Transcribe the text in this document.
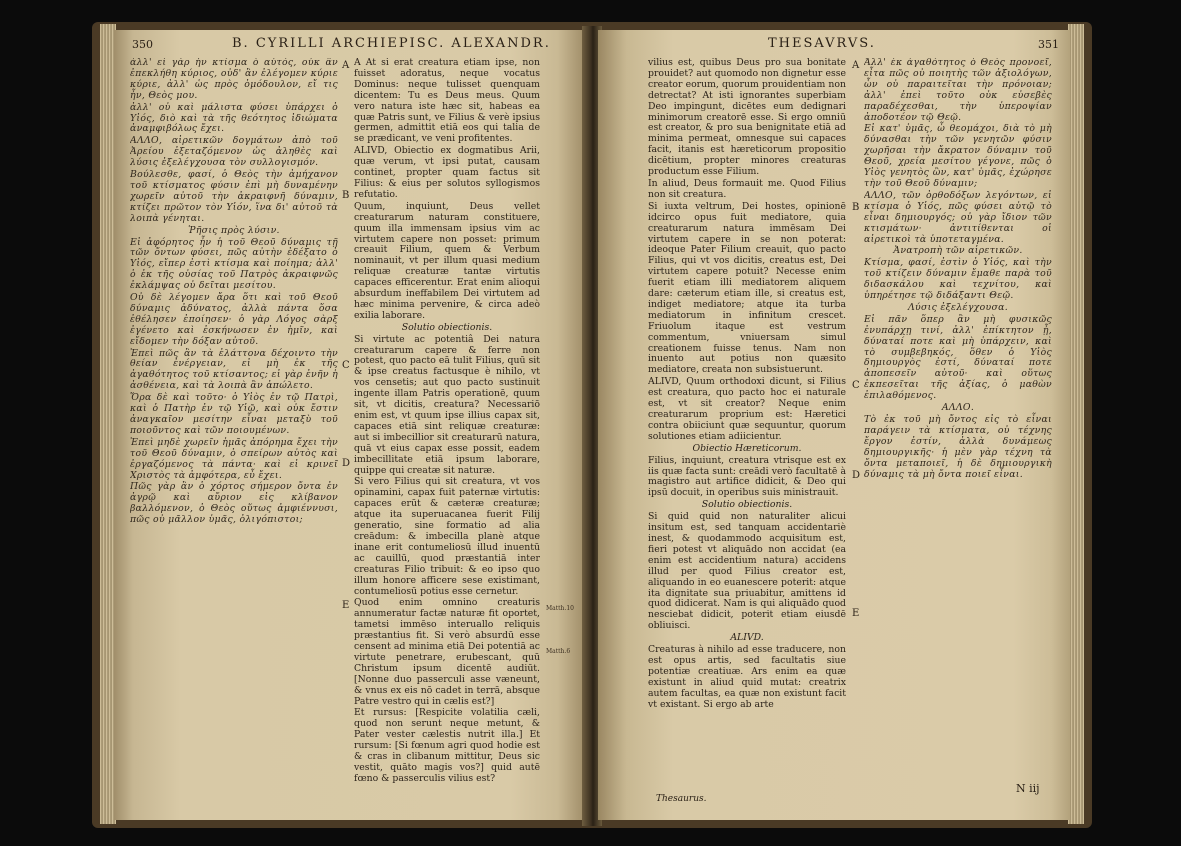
350	B. CYRILLI ARCHIEPISC. ALEXANDR.

ἀλλ' εἰ γὰρ ἦν κτίσμα ὁ αὐτός, οὐκ ἂν ἐπεκλήθη κύριος, οὐδ' ἂν ἐλέγομεν κύριε κύριε, ἀλλ' ὡς πρὸς ὁμόδουλον, εἴ τις ἦν, Θεὸς μου.

ἀλλ' οὐ καὶ μάλιστα φύσει ὑπάρχει ὁ Υἱός, διὸ καὶ τὰ τῆς θεότητος ἰδιώματα ἀναμφιβόλως ἔχει.

ΑΛΛΟ, αἱρετικῶν δογμάτων ἀπὸ τοῦ Ἀρείου ἐξεταζόμενον ὡς ἀληθὲς καὶ λύσις ἐξελέγχουσα τὸν συλλογισμόν.

Βούλεσθε, φασί, ὁ Θεὸς τὴν ἀμήχανον τοῦ κτίσματος φύσιν ἐπὶ μὴ δυναμένην χωρεῖν αὐτοῦ τὴν ἀκραιφνῆ δύναμιν, κτίζει πρῶτον τὸν Υἱόν, ἵνα δι' αὐτοῦ τὰ λοιπὰ γένηται.

Ῥῆσις πρὸς λύσιν.

Εἰ ἀφόρητος ἦν ἡ τοῦ Θεοῦ δύναμις τῇ τῶν ὄντων φύσει, πῶς αὐτὴν ἐδέξατο ὁ Υἱός, εἴπερ ἐστὶ κτίσμα καὶ ποίημα; ἀλλ' ὁ ἐκ τῆς οὐσίας τοῦ Πατρὸς ἀκραιφνῶς ἐκλάμψας οὐ δεῖται μεσίτου.

Οὐ δὲ λέγομεν ἄρα ὅτι καὶ τοῦ Θεοῦ δύναμις ἀδύνατος, ἀλλὰ πάντα ὅσα ἐθέλησεν ἐποίησεν· ὁ γὰρ Λόγος σὰρξ ἐγένετο καὶ ἐσκήνωσεν ἐν ἡμῖν, καὶ εἴδομεν τὴν δόξαν αὐτοῦ.

Ἐπεὶ πῶς ἂν τὰ ἐλάττονα δέχοιντο τὴν θείαν ἐνέργειαν, εἰ μὴ ἐκ τῆς ἀγαθότητος τοῦ κτίσαντος; εἰ γὰρ ἐνῆν ἡ ἀσθένεια, καὶ τὰ λοιπὰ ἂν ἀπώλετο.

Ὅρα δὲ καὶ τοῦτο· ὁ Υἱὸς ἐν τῷ Πατρὶ, καὶ ὁ Πατὴρ ἐν τῷ Υἱῷ, καὶ οὐκ ἔστιν ἀναγκαῖον μεσίτην εἶναι μεταξὺ τοῦ ποιοῦντος καὶ τῶν ποιουμένων.

Ἐπεὶ μηδὲ χωρεῖν ἡμᾶς ἀπόρημα ἔχει τὴν τοῦ Θεοῦ δύναμιν, ὁ σπείρων αὐτὸς καὶ ἐργαζόμενος τὰ πάντα· καὶ εἰ κρινεῖ Χριστὸς τὰ ἀμφότερα, εὖ ἔχει.

Πῶς γὰρ ἂν ὁ χόρτος σήμερον ὄντα ἐν ἀγρῷ καὶ αὔριον εἰς κλίβανον βαλλόμενον, ὁ Θεὸς οὕτως ἀμφιέννυσι, πῶς οὐ μᾶλλον ὑμᾶς, ὀλιγόπιστοι;

A
B
C
D
E

A At si erat creatura etiam ipse, non fuisset adoratus, neque vocatus Dominus: neque tulisset quenquam dicentem: Tu es Deus meus. Quum vero natura iste hæc sit, habeas ea quæ Patris sunt, ve Filius & verè ipsius germen, admittit etiā eos qui talia de se prædicant, ve veni profitentes.

ALIVD, Obiectio ex dogmatibus Arii, quæ verum, vt ipsi putat, causam continet, propter quam factus sit Filius: & eius per solutos syllogismos refutatio.

Quum, inquiunt, Deus vellet creaturarum naturam constituere, quum illa immensam ipsius vim ac virtutem capere non posset: primum creauit Filium, quem & Verbum nominauit, vt per illum quasi medium reliquæ creaturæ tantæ virtutis capaces efficerentur. Erat enim alioqui absurdum ineffabilem Dei virtutem ad hæc minima pervenire, & circa adeò exilia laborare.

Solutio obiectionis.

Si virtute ac potentiâ Dei natura creaturarum capere & ferre non potest, quo pacto eā tulit Filius, quū sit & ipse creatus factusque è nihilo, vt vos censetis; aut quo pacto sustinuit ingente illam Patris operationē, quum sit, vt dicitis, creatura? Necessariō enim est, vt quum ipse illius capax sit, capaces etiā sint reliquæ creaturæ: aut si imbecillior sit creaturarū natura, quā vt eius capax esse possit, eadem imbecillitate etiā ipsum laborare, quippe qui creatæ sit naturæ.

Si vero Filius qui sit creatura, vt vos opinamini, capax fuit paternæ virtutis: capaces erūt & cæteræ creaturæ; atque ita superuacanea fuerit Filij generatio, sine formatio ad alia creādum: & imbecilla planè atque inane erit contumeliosū illud inuentū ac cauillū, quod præstantiā inter creaturas Filio tribuit: & eo ipso quo illum honore afficere sese existimant, contumeliosū potius esse cernetur.

Quod enim omnino creaturis annumeratur factæ naturæ fit oportet, tametsi immēso interuallo reliquis præstantius fit. Si verò absurdū esse censent ad minima etiā Dei potentiā ac virtute penetrare, erubescant, quū Christum ipsum dicentē audiūt. [Nonne duo passerculi asse væneunt, & vnus ex eis nō cadet in terrā, absque Patre vestro qui in cælis est?]

Et rursus: [Respicite volatilia cæli, quod non serunt neque metunt, & Pater vester cælestis nutrit illa.] Et rursum: [Si fœnum agri quod hodie est & cras in clibanum mittitur, Deus sic vestit, quāto magis vos?] quid autē fœno & passerculis vilius est?

Matth.10
Matth.6
THESAVRVS.	351

vilius est, quibus Deus pro sua bonitate prouidet? aut quomodo non dignetur esse creator eorum, quorum prouidentiam non detrectat? At isti ignorantes superbiam Deo impingunt, dicētes eum dedignari minimorum creatorē esse. Si ergo omniū est creator, & pro sua benignitate etiā ad minima permeat, omnesque sui capaces facit, itanis est hæreticorum propositio dicētium, propter minores creaturas productum esse Filium.

In aliud, Deus formauit me. Quod Filius non sit creatura.

Si iuxta veltrum, Dei hostes, opinionē idcirco opus fuit mediatore, quia creaturarum natura immēsam Dei virtutem capere in se non poterat: ideoque Pater Filium creauit, quo pacto Filius, qui vt vos dicitis, creatus est, Dei virtutem capere potuit? Necesse enim fuerit etiam illi mediatorem aliquem dare: cæterum etiam ille, si creatus est, indiget mediatore; atque ita turba mediatorum in infinitum crescet. Friuolum itaque est vestrum commentum, vniuersam simul creationem fuisse tenus. Nam non inuento aut potius non quæsito mediatore, creata non subsistuerunt.

ALIVD, Quum orthodoxi dicunt, si Filius est creatura, quo pacto hoc ei naturale est, vt sit creator? Neque enim creaturarum proprium est: Hæretici contra obiiciunt quæ sequuntur, quorum solutiones etiam adiicientur.

Obiectio Hæreticorum.

Filius, inquiunt, creatura vtrisque est ex iis quæ facta sunt: creādi verò facultatē à magistro aut artifice didicit, & Deo qui ipsū docuit, in operibus suis ministrauit.

Solutio obiectionis.

Si quid quid non naturaliter alicui insitum est, sed tanquam accidentariè inest, & quodammodo acquisitum est, fieri potest vt aliquādo non accidat (ea enim est accidentium natura) accidens illud per quod Filius creator est, aliquando in eo euanescere poterit: atque ita dignitate sua priuabitur, amittens id quod didicerat. Nam is qui aliquādo quod nesciebat didicit, poterit etiam eiusdē obliuisci.

ALIVD.

Creaturas à nihilo ad esse traducere, non est opus artis, sed facultatis siue potentiæ creatiuæ. Ars enim ea quæ existunt in aliud quid mutat: creatrix autem facultas, ea quæ non existunt facit vt existant. Si ergo ab arte

A
B
C
D
E

Ἀλλ' ἐκ ἀγαθότητος ὁ Θεὸς προνοεῖ, εἶτα πῶς οὐ ποιητὴς τῶν ἀξιολόγων, ὧν οὐ παραιτεῖται τὴν πρόνοιαν; ἀλλ' ἐπεὶ τοῦτο οὐκ εὐσεβὲς παραδέχεσθαι, τὴν ὑπεροψίαν ἀποδοτέον τῷ Θεῷ.

Εἰ κατ' ὑμᾶς, ὦ θεομάχοι, διὰ τὸ μὴ δύνασθαι τὴν τῶν γενητῶν φύσιν χωρῆσαι τὴν ἄκρατον δύναμιν τοῦ Θεοῦ, χρεία μεσίτου γέγονε, πῶς ὁ Υἱὸς γενητὸς ὢν, κατ' ὑμᾶς, ἐχώρησε τὴν τοῦ Θεοῦ δύναμιν;

ΑΛΛΟ, τῶν ὀρθοδόξων λεγόντων, εἰ κτίσμα ὁ Υἱός, πῶς φύσει αὐτῷ τὸ εἶναι δημιουργός; οὐ γὰρ ἴδιον τῶν κτισμάτων· ἀντιτίθενται οἱ αἱρετικοὶ τὰ ὑποτεταγμένα.

Ἀνατροπὴ τῶν αἱρετικῶν.

Κτίσμα, φασί, ἐστὶν ὁ Υἱός, καὶ τὴν τοῦ κτίζειν δύναμιν ἔμαθε παρὰ τοῦ διδασκάλου καὶ τεχνίτου, καὶ ὑπηρέτησε τῷ διδάξαντι Θεῷ.

Λύσις ἐξελέγχουσα.

Εἰ πᾶν ὅπερ ἂν μὴ φυσικῶς ἐνυπάρχῃ τινί, ἀλλ' ἐπίκτητον ᾖ, δύναταί ποτε καὶ μὴ ὑπάρχειν, καὶ τὸ συμβεβηκός, ὅθεν ὁ Υἱὸς δημιουργὸς ἐστί, δύναταί ποτε ἀποπεσεῖν αὐτοῦ· καὶ οὕτως ἐκπεσεῖται τῆς ἀξίας, ὁ μαθὼν ἐπιλαθόμενος.

ΑΛΛΟ.

Τὸ ἐκ τοῦ μὴ ὄντος εἰς τὸ εἶναι παράγειν τὰ κτίσματα, οὐ τέχνης ἔργον ἐστίν, ἀλλὰ δυνάμεως δημιουργικῆς· ἡ μὲν γὰρ τέχνη τὰ ὄντα μεταποιεῖ, ἡ δὲ δημιουργικὴ δύναμις τὰ μὴ ὄντα ποιεῖ εἶναι.

Thesaurus.
N iij
